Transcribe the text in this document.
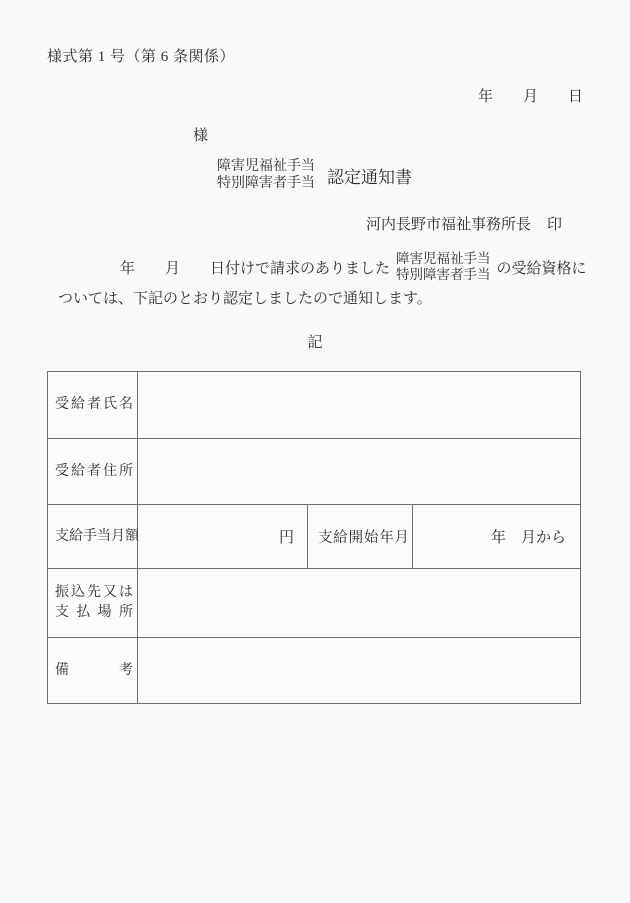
様式第 1 号（第 6 条関係）
年　　月　　日
様
障害児福祉手当
特別障害者手当 認定通知書
河内長野市福祉事務所長 印
年　　月　　日付けで請求のありました
障害児福祉手当
特別障害者手当 の受給資格に
ついては、下記のとおり認定しましたので通知します。
記
受 給 者 氏 名			

受 給 者 住 所			

支 給 手 当 月 額	円	支 給 開 始 年 月	年　月から

振 込 先 又 は
支 払 場 所

備 考			
